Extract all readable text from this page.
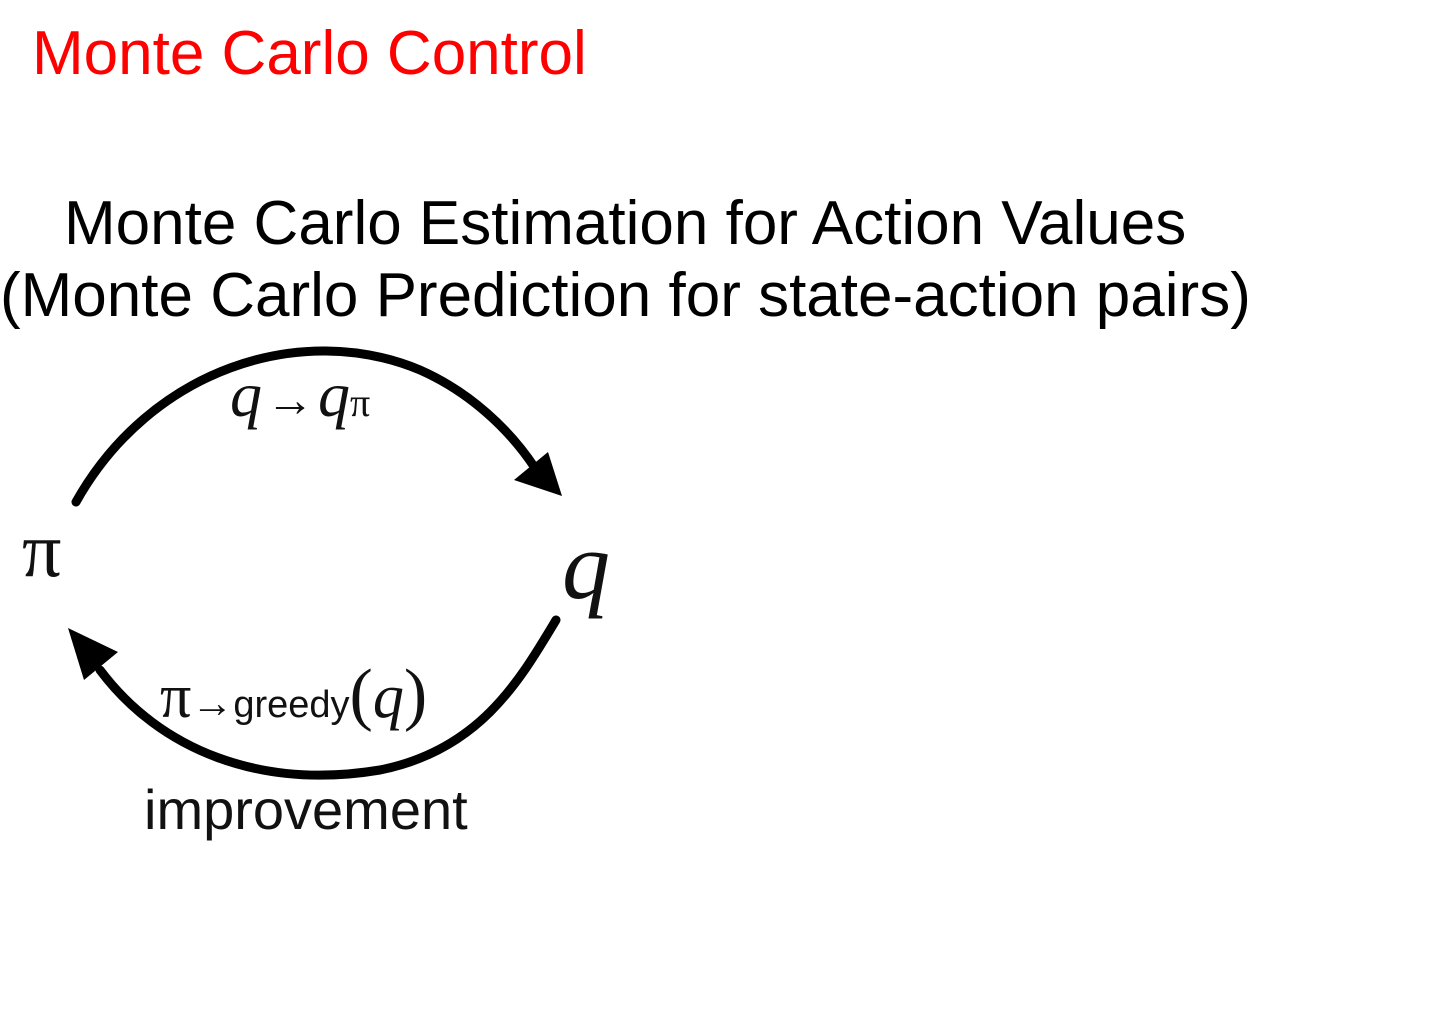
Monte Carlo Control
Monte Carlo Estimation for Action Values
(Monte Carlo Prediction for state-action pairs)
π	q
q→qπ
π→greedy(q)
improvement
